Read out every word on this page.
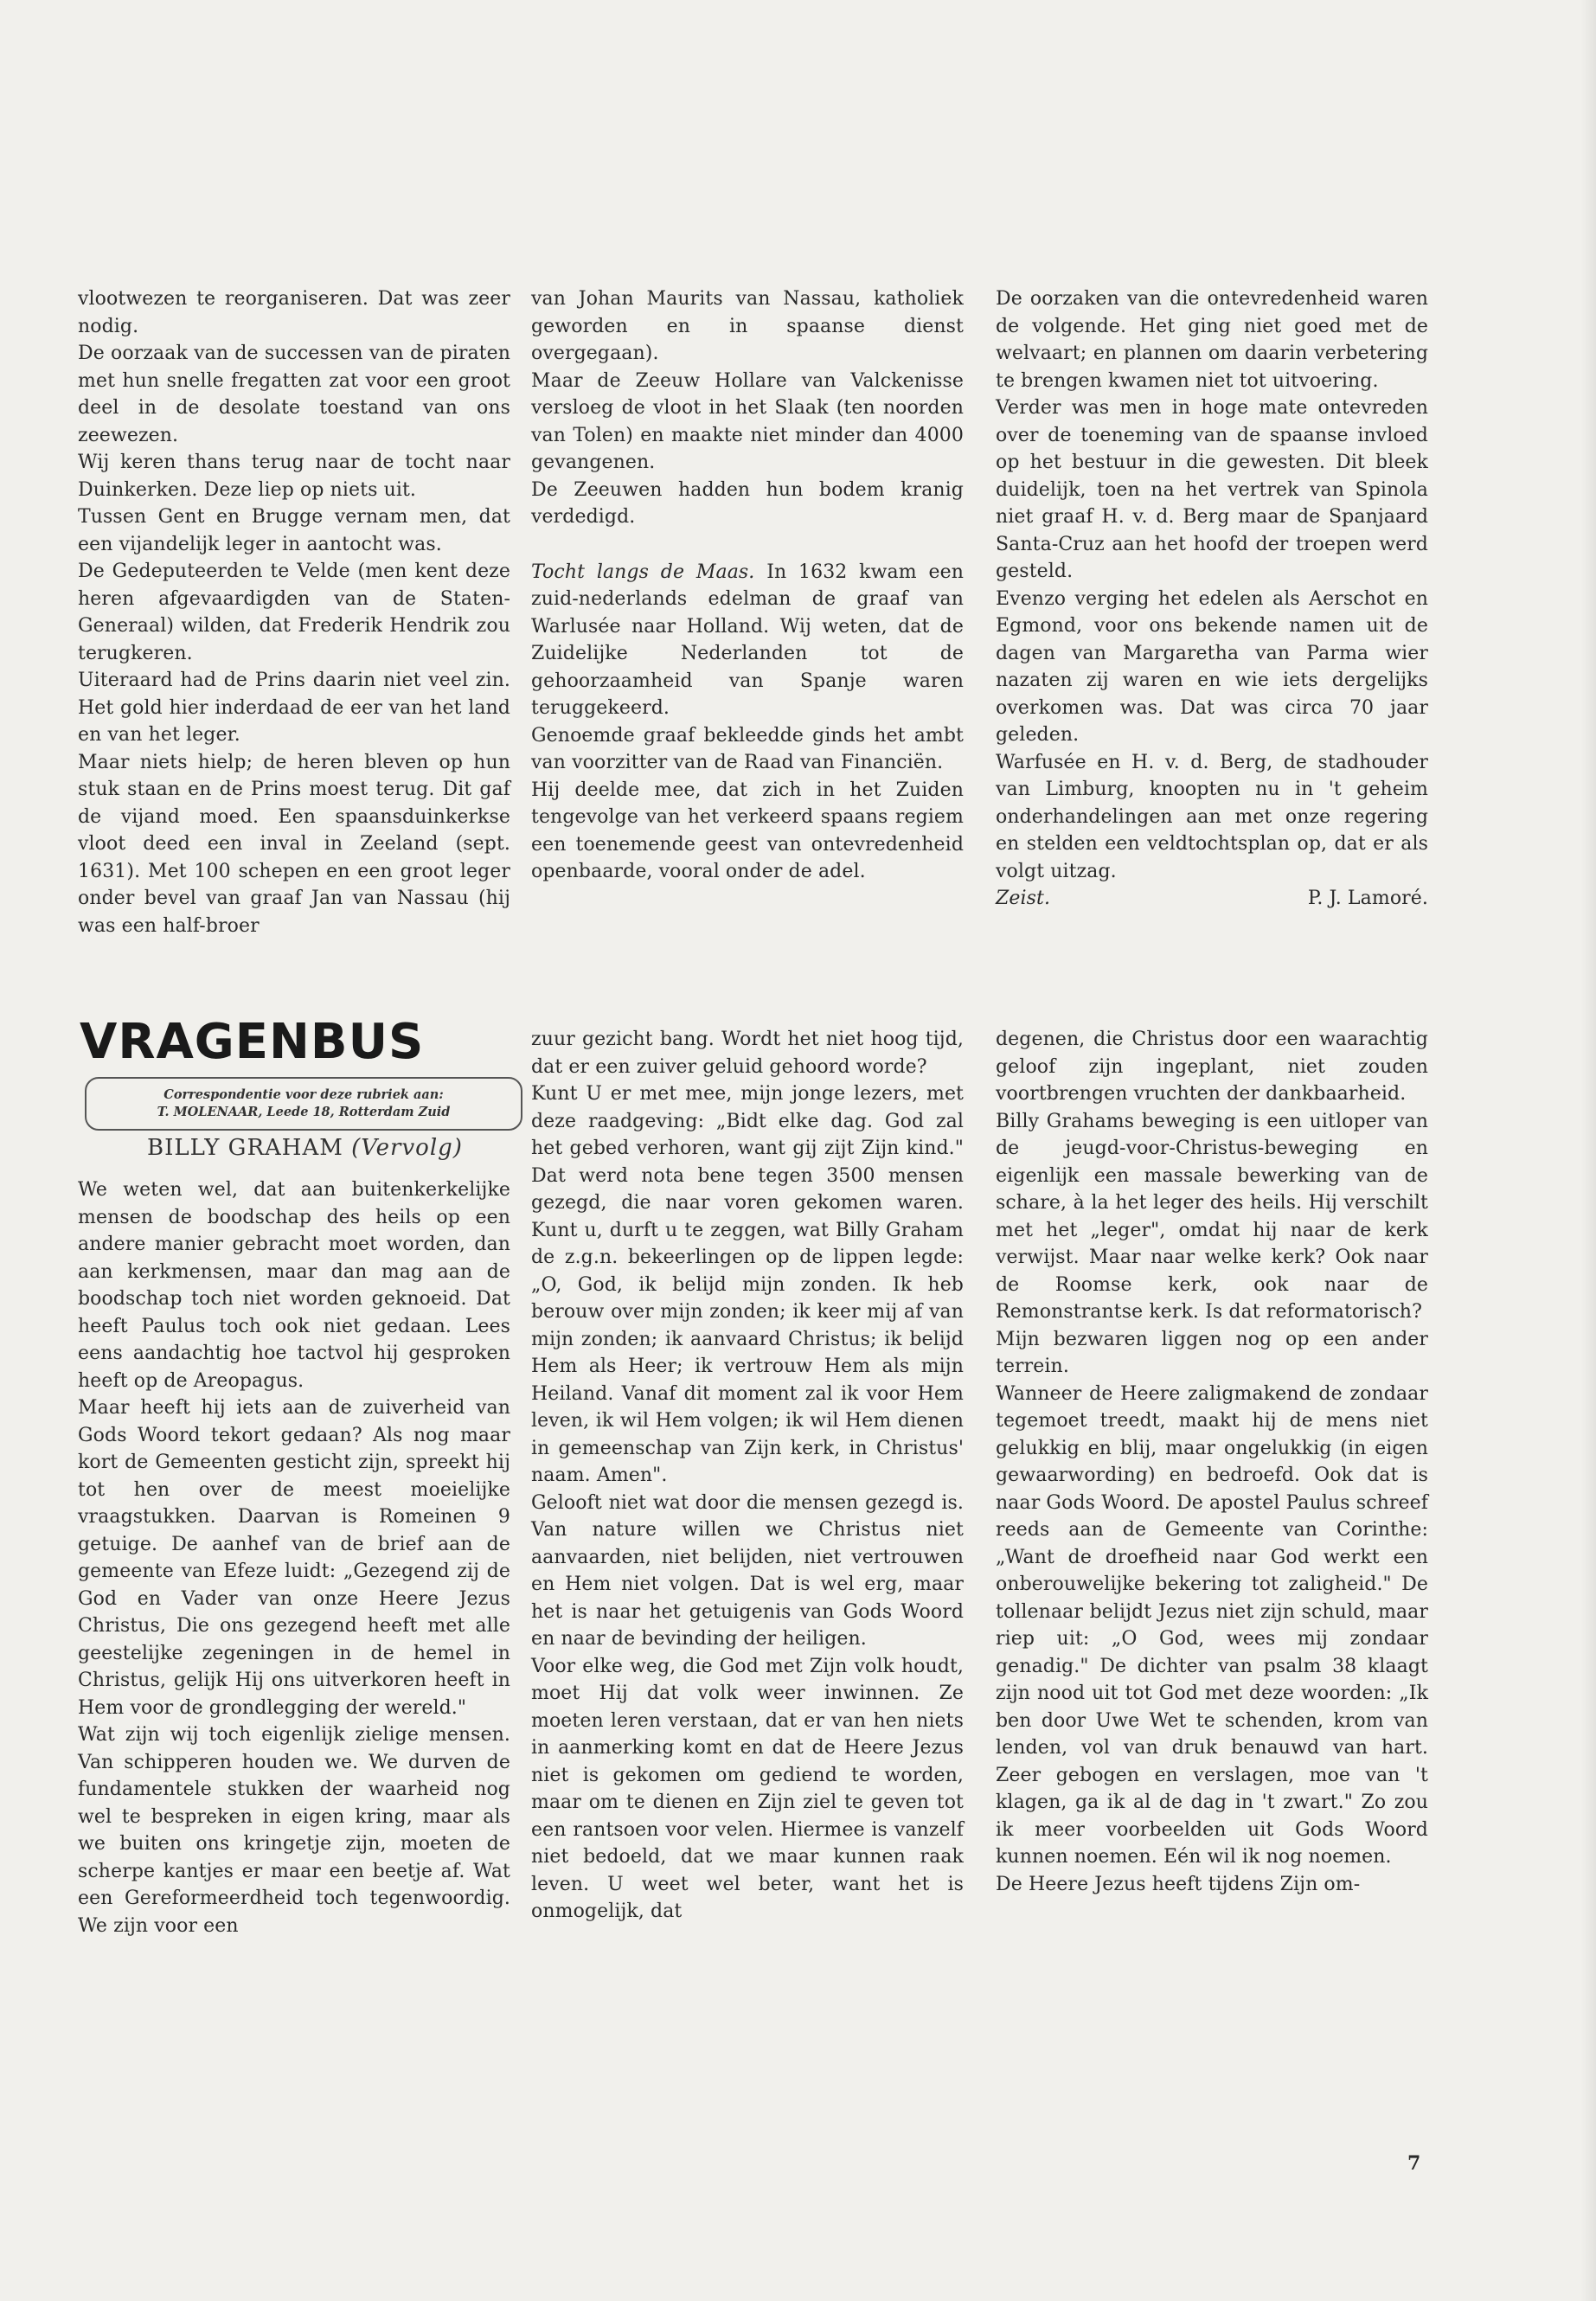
vlootwezen te reorganiseren. Dat was zeer nodig.

De oorzaak van de successen van de piraten met hun snelle fregatten zat voor een groot deel in de desolate toestand van ons zeewezen.

Wij keren thans terug naar de tocht naar Duinkerken. Deze liep op niets uit.

Tussen Gent en Brugge vernam men, dat een vijandelijk leger in aantocht was.

De Gedeputeerden te Velde (men kent deze heren afgevaardigden van de Staten-Generaal) wilden, dat Frederik Hendrik zou terugkeren.

Uiteraard had de Prins daarin niet veel zin. Het gold hier inderdaad de eer van het land en van het leger.

Maar niets hielp; de heren bleven op hun stuk staan en de Prins moest terug. Dit gaf de vijand moed. Een spaansduinkerkse vloot deed een inval in Zeeland (sept. 1631). Met 100 schepen en een groot leger onder bevel van graaf Jan van Nassau (hij was een half-broer

van Johan Maurits van Nassau, katholiek geworden en in spaanse dienst overgegaan).

Maar de Zeeuw Hollare van Valckenisse versloeg de vloot in het Slaak (ten noorden van Tolen) en maakte niet minder dan 4000 gevangenen.

De Zeeuwen hadden hun bodem kranig verdedigd.

Tocht langs de Maas. In 1632 kwam een zuid-nederlands edelman de graaf van Warlusée naar Holland. Wij weten, dat de Zuidelijke Nederlanden tot de gehoorzaamheid van Spanje waren teruggekeerd.

Genoemde graaf bekleedde ginds het ambt van voorzitter van de Raad van Financiën.

Hij deelde mee, dat zich in het Zuiden tengevolge van het verkeerd spaans regiem een toenemende geest van ontevredenheid openbaarde, vooral onder de adel.

De oorzaken van die ontevredenheid waren de volgende. Het ging niet goed met de welvaart; en plannen om daarin verbetering te brengen kwamen niet tot uitvoering.

Verder was men in hoge mate ontevreden over de toeneming van de spaanse invloed op het bestuur in die gewesten. Dit bleek duidelijk, toen na het vertrek van Spinola niet graaf H. v. d. Berg maar de Spanjaard Santa-Cruz aan het hoofd der troepen werd gesteld.

Evenzo verging het edelen als Aerschot en Egmond, voor ons bekende namen uit de dagen van Margaretha van Parma wier nazaten zij waren en wie iets dergelijks overkomen was. Dat was circa 70 jaar geleden.

Warfusée en H. v. d. Berg, de stadhouder van Limburg, knoopten nu in 't geheim onderhandelingen aan met onze regering en stelden een veldtochtsplan op, dat er als volgt uitzag.

Zeist.	P. J. Lamoré.

VRAGENBUS
Correspondentie voor deze rubriek aan:
T. MOLENAAR, Leede 18, Rotterdam Zuid
BILLY GRAHAM (Vervolg)

We weten wel, dat aan buitenkerkelijke mensen de boodschap des heils op een andere manier gebracht moet worden, dan aan kerkmensen, maar dan mag aan de boodschap toch niet worden geknoeid. Dat heeft Paulus toch ook niet gedaan. Lees eens aandachtig hoe tactvol hij gesproken heeft op de Areopagus.

Maar heeft hij iets aan de zuiverheid van Gods Woord tekort gedaan? Als nog maar kort de Gemeenten gesticht zijn, spreekt hij tot hen over de meest moeielijke vraagstukken. Daarvan is Romeinen 9 getuige. De aanhef van de brief aan de gemeente van Efeze luidt: „Gezegend zij de God en Vader van onze Heere Jezus Christus, Die ons gezegend heeft met alle geestelijke zegeningen in de hemel in Christus, gelijk Hij ons uitverkoren heeft in Hem voor de grondlegging der wereld."

Wat zijn wij toch eigenlijk zielige mensen. Van schipperen houden we. We durven de fundamentele stukken der waarheid nog wel te bespreken in eigen kring, maar als we buiten ons kringetje zijn, moeten de scherpe kantjes er maar een beetje af. Wat een Gereformeerdheid toch tegenwoordig. We zijn voor een

zuur gezicht bang. Wordt het niet hoog tijd, dat er een zuiver geluid gehoord worde?

Kunt U er met mee, mijn jonge lezers, met deze raadgeving: „Bidt elke dag. God zal het gebed verhoren, want gij zijt Zijn kind." Dat werd nota bene tegen 3500 mensen gezegd, die naar voren gekomen waren. Kunt u, durft u te zeggen, wat Billy Graham de z.g.n. bekeerlingen op de lippen legde: „O, God, ik belijd mijn zonden. Ik heb berouw over mijn zonden; ik keer mij af van mijn zonden; ik aanvaard Christus; ik belijd Hem als Heer; ik vertrouw Hem als mijn Heiland. Vanaf dit moment zal ik voor Hem leven, ik wil Hem volgen; ik wil Hem dienen in gemeenschap van Zijn kerk, in Christus' naam. Amen".

Gelooft niet wat door die mensen gezegd is. Van nature willen we Christus niet aanvaarden, niet belijden, niet vertrouwen en Hem niet volgen. Dat is wel erg, maar het is naar het getuigenis van Gods Woord en naar de bevinding der heiligen.

Voor elke weg, die God met Zijn volk houdt, moet Hij dat volk weer inwinnen. Ze moeten leren verstaan, dat er van hen niets in aanmerking komt en dat de Heere Jezus niet is gekomen om gediend te worden, maar om te dienen en Zijn ziel te geven tot een rantsoen voor velen. Hiermee is vanzelf niet bedoeld, dat we maar kunnen raak leven. U weet wel beter, want het is onmogelijk, dat

degenen, die Christus door een waarachtig geloof zijn ingeplant, niet zouden voortbrengen vruchten der dankbaarheid.

Billy Grahams beweging is een uitloper van de jeugd-voor-Christus-beweging en eigenlijk een massale bewerking van de schare, à la het leger des heils. Hij verschilt met het „leger", omdat hij naar de kerk verwijst. Maar naar welke kerk? Ook naar de Roomse kerk, ook naar de Remonstrantse kerk. Is dat reformatorisch?

Mijn bezwaren liggen nog op een ander terrein.

Wanneer de Heere zaligmakend de zondaar tegemoet treedt, maakt hij de mens niet gelukkig en blij, maar ongelukkig (in eigen gewaarwording) en bedroefd. Ook dat is naar Gods Woord. De apostel Paulus schreef reeds aan de Gemeente van Corinthe: „Want de droefheid naar God werkt een onberouwelijke bekering tot zaligheid." De tollenaar belijdt Jezus niet zijn schuld, maar riep uit: „O God, wees mij zondaar genadig." De dichter van psalm 38 klaagt zijn nood uit tot God met deze woorden: „Ik ben door Uwe Wet te schenden, krom van lenden, vol van druk benauwd van hart. Zeer gebogen en verslagen, moe van 't klagen, ga ik al de dag in 't zwart." Zo zou ik meer voorbeelden uit Gods Woord kunnen noemen. Eén wil ik nog noemen.

De Heere Jezus heeft tijdens Zijn om-

7
